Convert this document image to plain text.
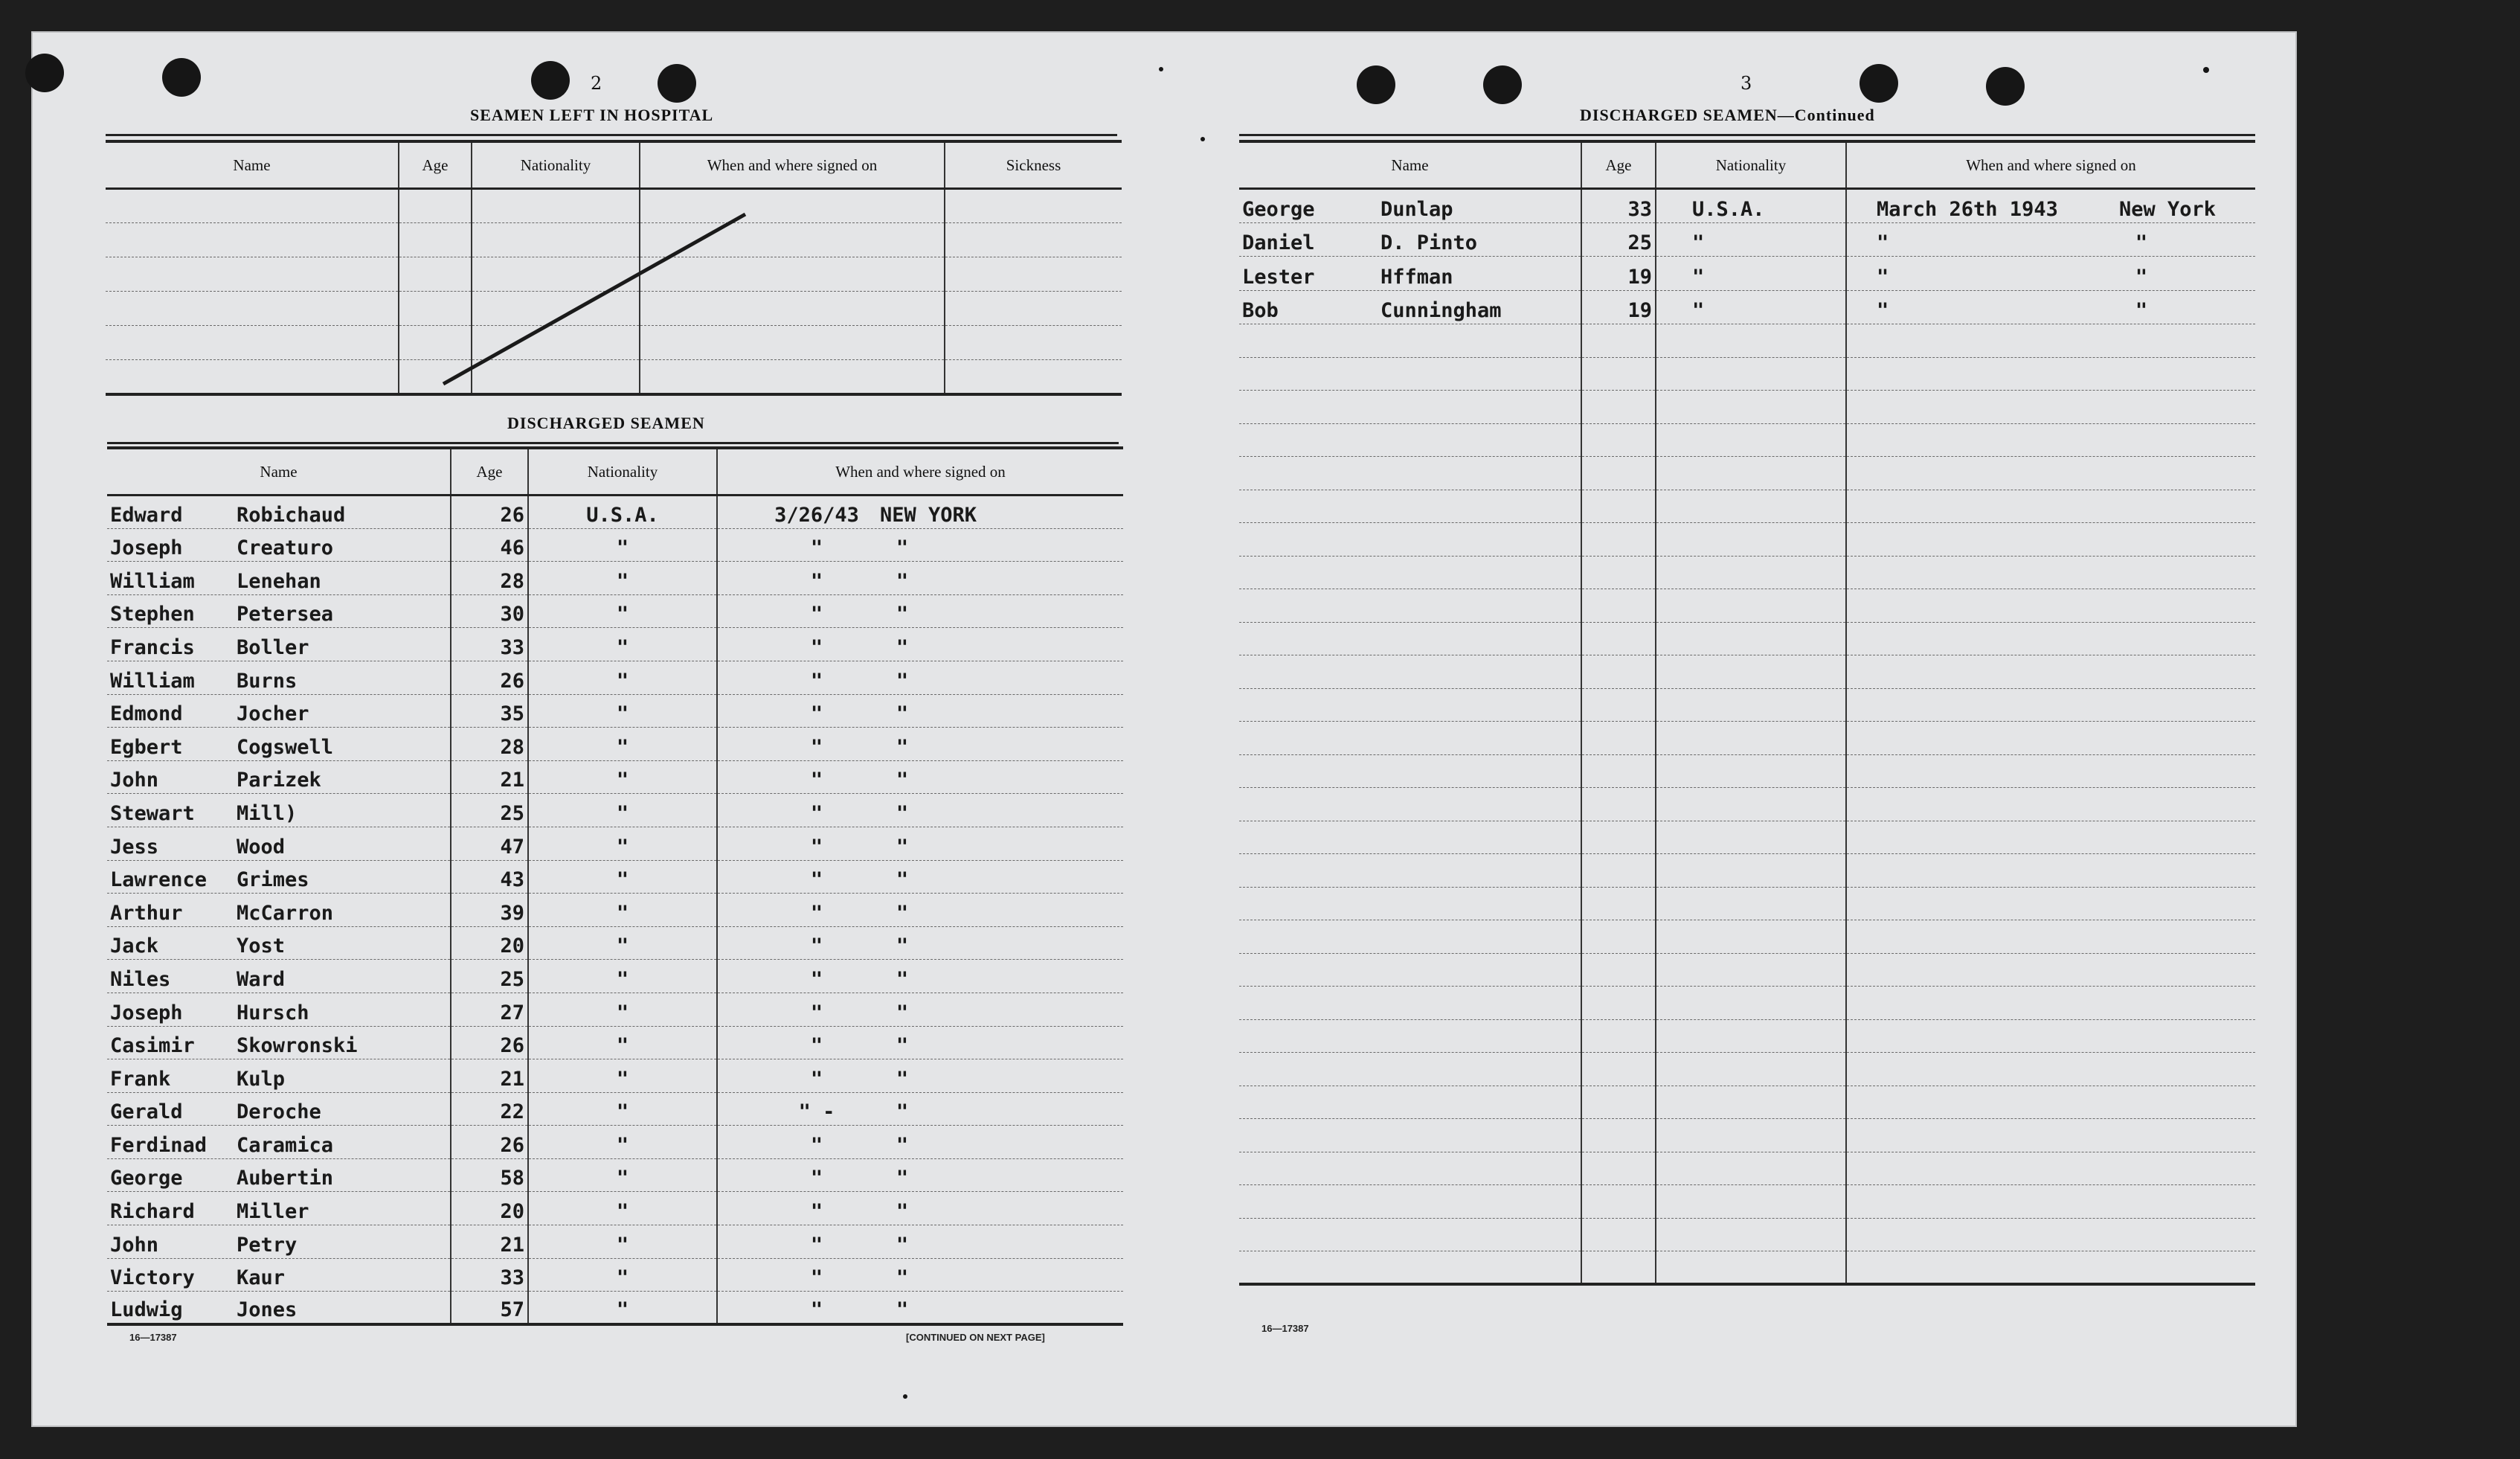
2
SEAMEN LEFT IN HOSPITAL
Name	Age	Nationality	When and where signed on	Sickness

DISCHARGED SEAMEN
Name	Age	Nationality	When and where signed on
Edward Robichaud	26	U.S.A.	3/26/43 NEW YORK
Joseph Creaturo	46	"	" "
William Lenehan	28	"	" "
Stephen Petersea	30	"	" "
Francis Boller	33	"	" "
William Burns	26	"	" "
Edmond Jocher	35	"	" "
Egbert Cogswell	28	"	" "
John Parizek	21	"	" "
Stewart Mill)	25	"	" "
Jess Wood	47	"	" "
Lawrence Grimes	43	"	" "
Arthur McCarron	39	"	" "
Jack Yost	20	"	" "
Niles Ward	25	"	" "
Joseph Hursch	27	"	" "
Casimir Skowronski	26	"	" "
Frank Kulp	21	"	" "
Gerald Deroche	22	"	" - "
Ferdinad Caramica	26	"	" "
George Aubertin	58	"	" "
Richard Miller	20	"	" "
John Petry	21	"	" "
Victory Kaur	33	"	" "
Ludwig Jones	57	"	" "
16—17387	[CONTINUED ON NEXT PAGE]
3
DISCHARGED SEAMEN—Continued
Name	Age	Nationality	When and where signed on
George Dunlap	33	U.S.A.	March 26th 1943 New York
Daniel D. Pinto	25	"	" "
Lester Hffman	19	"	" "
Bob Cunningham	19	"	" "

16—17387
